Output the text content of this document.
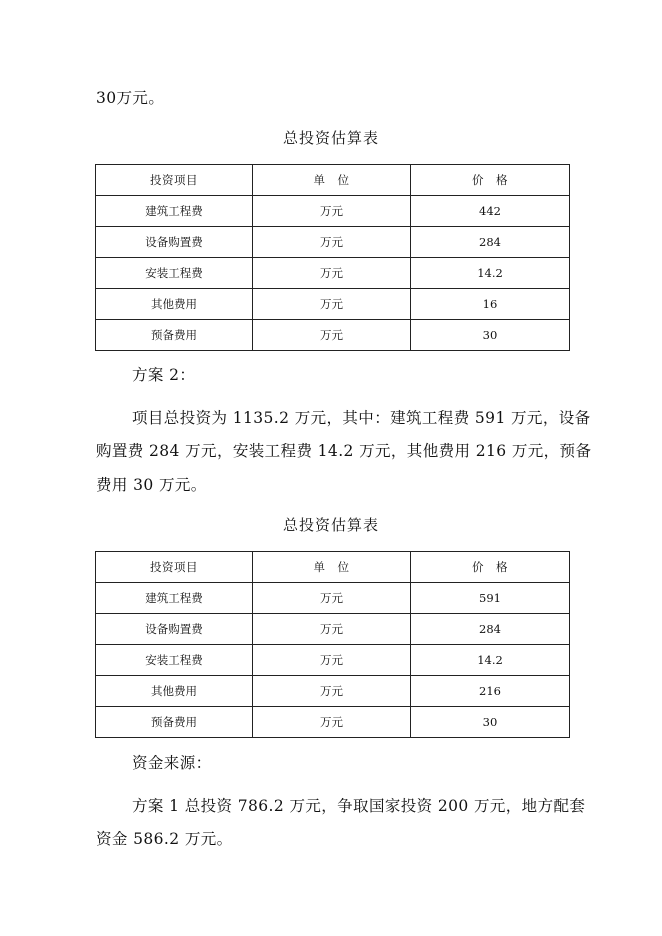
30万元。

总投资估算表

投资项目	单　位	价　格
建筑工程费	万元	442
设备购置费	万元	284
安装工程费	万元	14.2
其他费用	万元	16
预备费用	万元	30

方案 2：

项目总投资为 1135.2 万元，其中：建筑工程费 591 万元，设备

购置费 284 万元，安装工程费 14.2 万元，其他费用 216 万元，预备

费用 30 万元。

总投资估算表

投资项目	单　位	价　格
建筑工程费	万元	591
设备购置费	万元	284
安装工程费	万元	14.2
其他费用	万元	216
预备费用	万元	30

资金来源：

方案 1 总投资 786.2 万元，争取国家投资 200 万元，地方配套

资金 586.2 万元。
